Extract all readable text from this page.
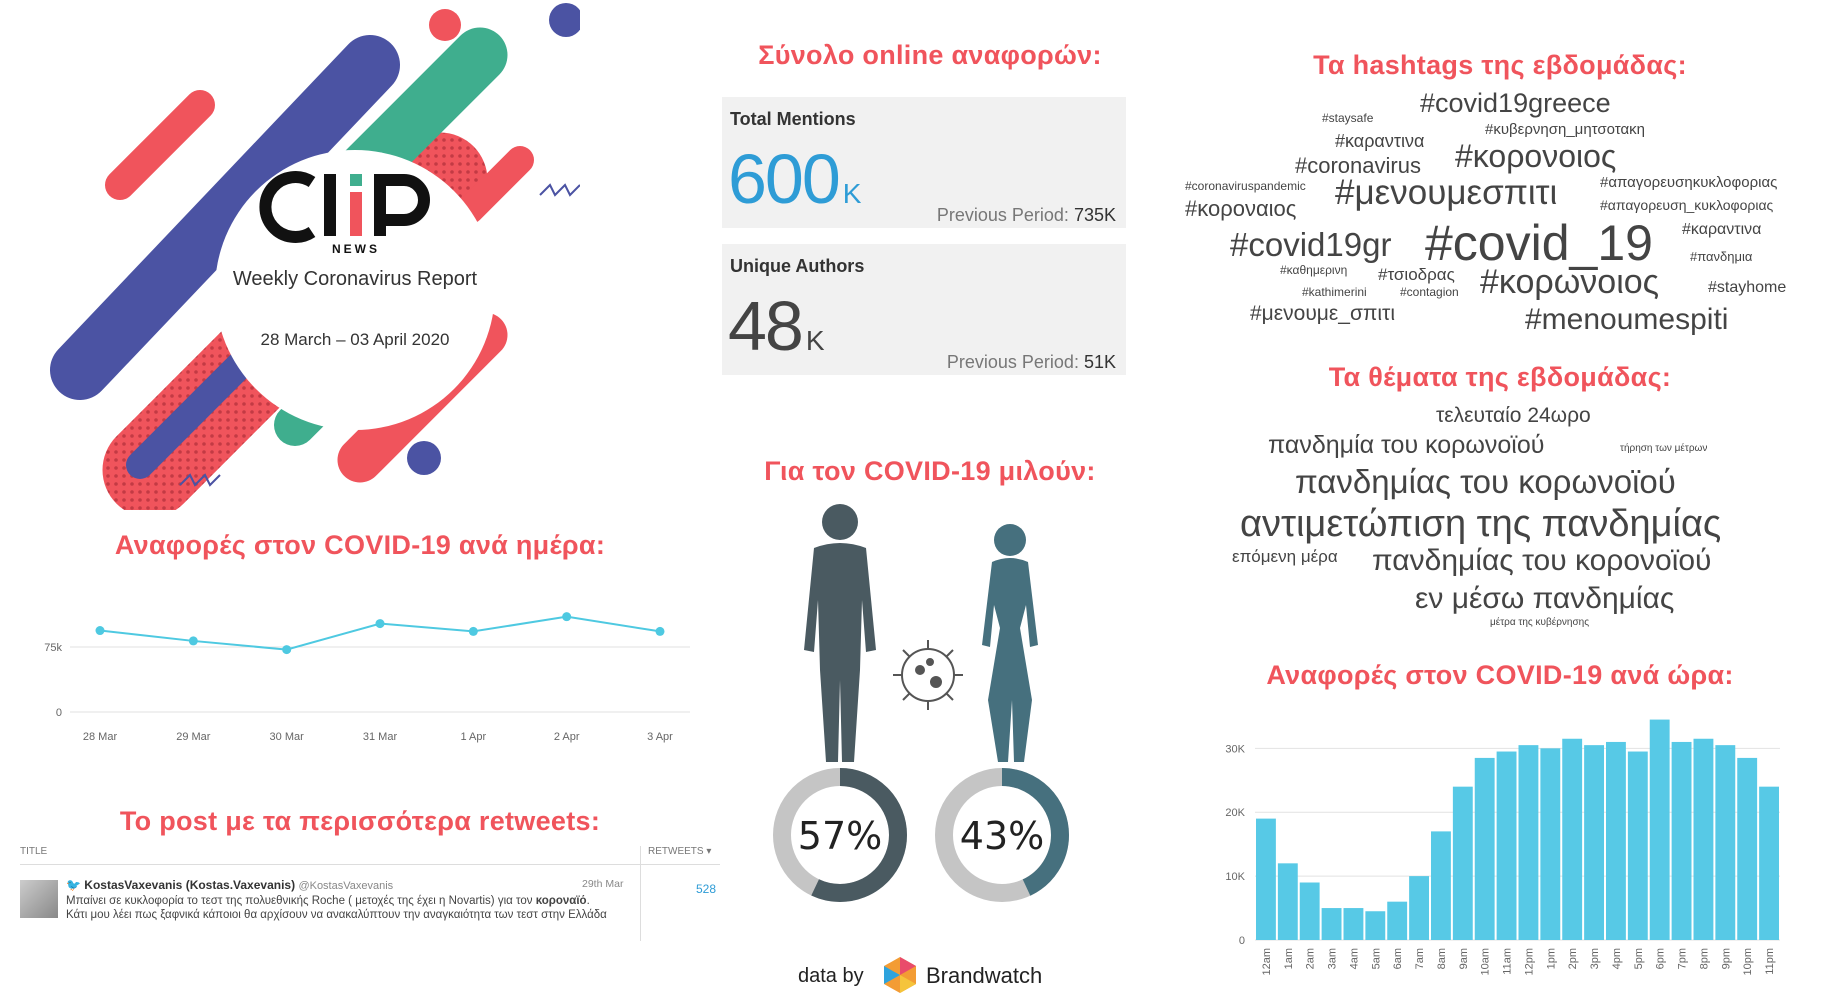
NEWS
Weekly Coronavirus Report
28 March – 03 April 2020
Αναφορές στον COVID-19 ανά ημέρα:
0
75k
28 Mar	29 Mar	30 Mar	31 Mar	1 Apr	2 Apr	3 Apr
Το post με τα περισσότερα retweets:
TITLE	RETWEETS ▾
🐦 KostasVaxevanis (Kostas.Vaxevanis) @KostasVaxevanis
Μπαίνει σε κυκλοφορία το τεστ της πολυεθνικής Roche ( μετοχές της έχει η Novartis) για τον κοροναϊό.
Κάτι μου λέει πως ξαφνικά κάποιοι θα αρχίσουν να ανακαλύπτουν την αναγκαιότητα των τεστ στην Ελλάδα
29th Mar	528
Σύνολο online αναφορών:
Total Mentions
600 K
Previous Period: 735K
Unique Authors
48 K
Previous Period: 51K
Για τον COVID-19 μιλούν:
57% 43%
data by	Brandwatch
Τα hashtags της εβδομάδας:
#covid19greece
#staysafe
#κυβερνηση_μητσοτακη
#καραντινα
#coronavirus #κορονοιος
#coronaviruspandemic #μενουμεσπιτι	#απαγορευσηκυκλοφοριας
#κοροναιος	#απαγορευση_κυκλοφοριας
#covid19gr #covid_19 #καραντινα
#πανδημια
#καθημερινη #τσιοδρας
#kathimerini	#contagion #κορωνοιος	#stayhome
#μενουμε_σπιτι	#menoumespiti
Τα θέματα της εβδομάδας:
τελευταίο 24ωρο
πανδημία του κορωνοϊού	τήρηση των μέτρων
πανδημίας του κορωνοϊού
αντιμετώπιση της πανδημίας
επόμενη μέρα πανδημίας του κορονοϊού
εν μέσω πανδημίας
μέτρα της κυβέρνησης
Αναφορές στον COVID-19 ανά ώρα:
0
10K
20K
30K
12am 1am 2am 3am 4am 5am 6am 7am 8am 9am 10am 11am 12pm 1pm 2pm 3pm 4pm 5pm 6pm 7pm 8pm 9pm 10pm 11pm
